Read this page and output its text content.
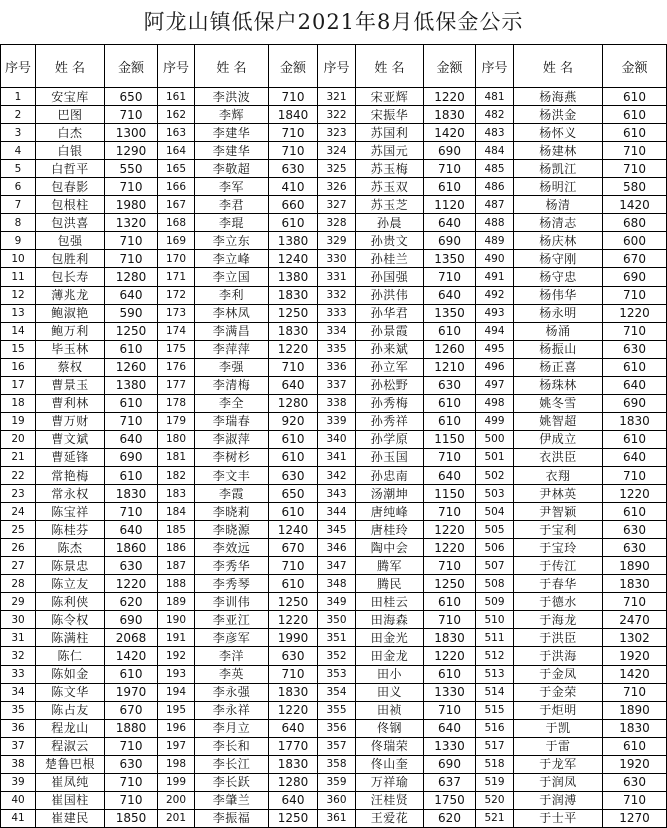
阿龙山镇低保户2021年8月低保金公示
序号	姓 名	金额	序号	姓 名	金额	序号	姓 名	金额	序号	姓 名	金额
1	安宝库	650	161	李洪波	710	321	宋亚辉	1220	481	杨海燕	610
2	巴图	710	162	李辉	1840	322	宋振华	1830	482	杨洪金	610
3	白杰	1300	163	李建华	710	323	苏国利	1420	483	杨怀义	610
4	白银	1290	164	李建华	710	324	苏国元	690	484	杨建林	710
5	白哲平	550	165	李敬超	630	325	苏玉梅	710	485	杨凯江	710
6	包春影	710	166	李军	410	326	苏玉双	610	486	杨明江	580
7	包根柱	1980	167	李君	660	327	苏玉芝	1120	487	杨清	1420
8	包洪喜	1320	168	李琨	610	328	孙晨	640	488	杨清志	680
9	包强	710	169	李立东	1380	329	孙贵文	690	489	杨庆林	600
10	包胜利	710	170	李立峰	1240	330	孙桂兰	1350	490	杨守刚	670
11	包长寿	1280	171	李立国	1380	331	孙国强	710	491	杨守忠	690
12	薄兆龙	640	172	李利	1830	332	孙洪伟	640	492	杨伟华	710
13	鲍淑艳	590	173	李林凤	1250	333	孙华君	1350	493	杨永明	1220
14	鲍万利	1250	174	李满昌	1830	334	孙景霞	610	494	杨涌	710
15	毕玉林	610	175	李萍萍	1220	335	孙来斌	1260	495	杨振山	630
16	蔡权	1260	176	李强	710	336	孙立军	1210	496	杨正喜	610
17	曹景玉	1380	177	李清梅	640	337	孙松野	630	497	杨珠林	640
18	曹利林	610	178	李全	1280	338	孙秀梅	610	498	姚冬雪	690
19	曹万财	710	179	李瑞春	920	339	孙秀祥	610	499	姚智超	1830
20	曹文斌	640	180	李淑萍	610	340	孙学原	1150	500	伊成立	610
21	曹延锋	690	181	李树杉	610	341	孙玉国	710	501	衣洪臣	640
22	常艳梅	610	182	李文丰	630	342	孙忠南	640	502	衣翔	710
23	常永权	1830	183	李霞	650	343	汤潮坤	1150	503	尹林英	1220
24	陈宝祥	710	184	李晓莉	610	344	唐纯峰	710	504	尹智颖	610
25	陈桂芬	640	185	李晓源	1240	345	唐桂玲	1220	505	于宝利	630
26	陈杰	1860	186	李效远	670	346	陶中会	1220	506	于宝玲	630
27	陈景忠	630	187	李秀华	710	347	腾军	710	507	于传江	1890
28	陈立友	1220	188	李秀琴	610	348	腾民	1250	508	于春华	1830
29	陈利侠	620	189	李训伟	1250	349	田桂云	610	509	于德水	710
30	陈令权	690	190	李亚江	1220	350	田海森	710	510	于海龙	2470
31	陈满柱	2068	191	李彦军	1990	351	田金光	1830	511	于洪臣	1302
32	陈仁	1420	192	李洋	630	352	田金龙	1220	512	于洪海	1920
33	陈如金	610	193	李英	710	353	田小	610	513	于金凤	1420
34	陈文华	1970	194	李永强	1830	354	田义	1330	514	于金荣	710
35	陈占友	670	195	李永祥	1220	355	田祯	710	515	于炬明	1890
36	程龙山	1880	196	李月立	640	356	佟钢	640	516	于凯	1830
37	程淑云	710	197	李长和	1770	357	佟瑞荣	1330	517	于雷	610
38	楚鲁巴根	630	198	李长江	1830	358	佟山奎	690	518	于龙军	1920
39	崔凤纯	710	199	李长跃	1280	359	万祥瑜	637	519	于润凤	630
40	崔国柱	710	200	李肇兰	640	360	汪桂贤	1750	520	于润溥	710
41	崔建民	1850	201	李振福	1250	361	王爱花	620	521	于士平	1270
